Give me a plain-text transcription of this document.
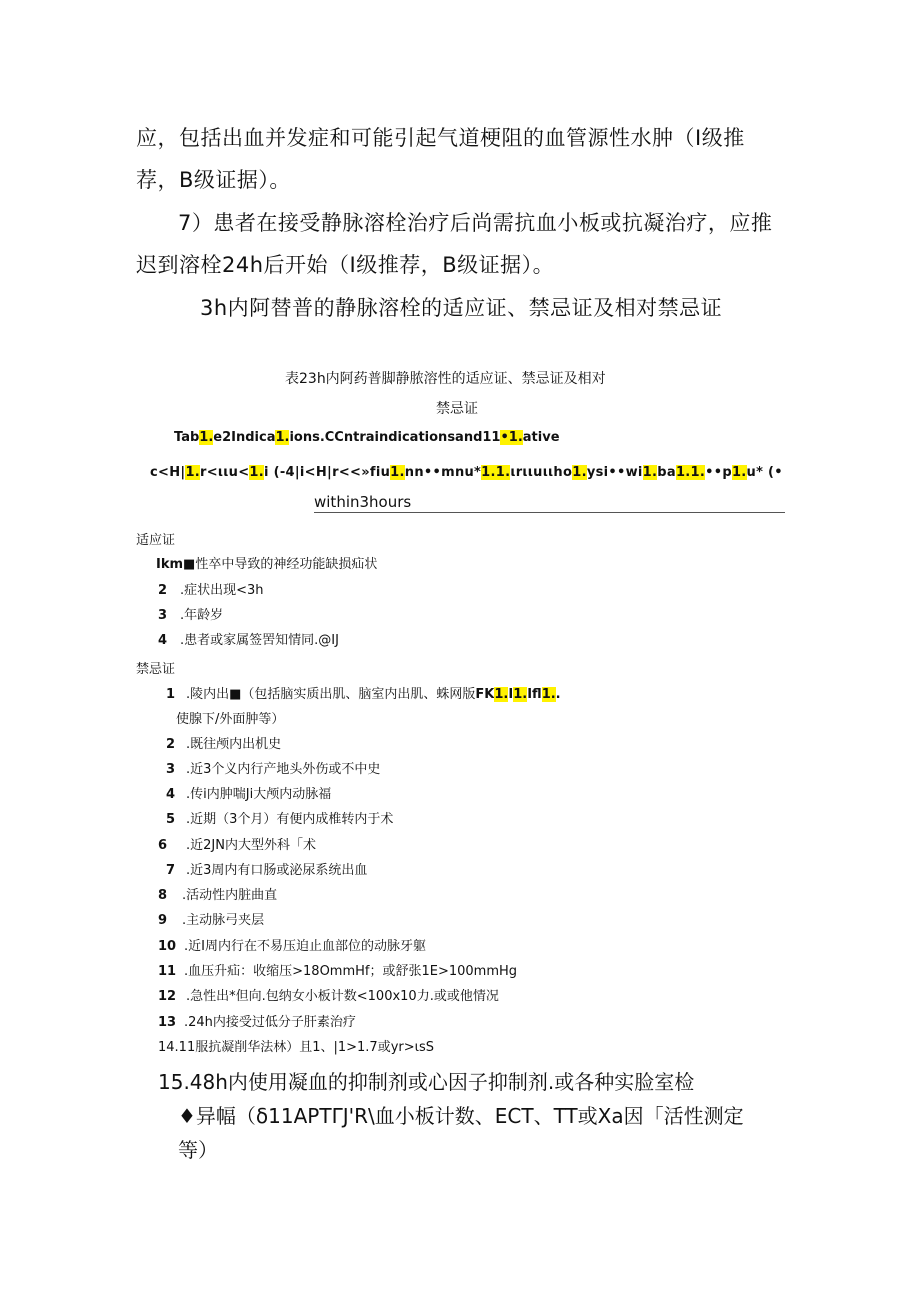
应，包括出血并发症和可能引起气道梗阻的血管源性水肿（I级推
荐，B级证据）。
7）患者在接受静脉溶栓治疗后尚需抗血小板或抗凝治疗，应推
迟到溶栓24h后开始（I级推荐，B级证据）。
3h内阿替普的静脉溶栓的适应证、禁忌证及相对禁忌证
表23h内阿药普脚静脓溶性的适应证、禁忌证及相对
禁忌证
Tab1.e2Indica1.ions.CCntraindicationsand11•1.ative
c<H|1.r<ιιu<1.i (-4|i<H|r<<»fiu1.nn••mnu*1.1.ιrιιuιιho1.ysi••wi1.ba1.1.••p1.u* (•
within3hours
适应证
Ikm■性卒中导致的神经功能缺损疝状
2 .症状出现<3h
3 .年龄岁
4 .患者或家属签罟知情同.@IJ
禁忌证
1 .陵内出■（包括脑实质出肌、脑室内出肌、蛛网版FK1.I1.Ifl1..
使腺下/外面肿等）
2 .既往颅内出机史
3 .近3个义内行产地头外伤或不中史
4 .传i内肿喘Ji大颅内动脉福
5 .近期（3个月）有便内成椎转内于术
6 .近2JN内大型外科「术
7 .近3周内有口肠或泌尿系统出血
8 .活动性内脏曲直
9 .主动脉弓夹层
10 .近I周内行在不易压迫止血部位的动脉牙躯
11 .血压升疝：收缩压>18OmmHf；或舒张1E>100mmHg
12 .急性出*但向.包纳女小板计数<100x10力.或或他情况
13 .24h内接受过低分子肝素治疗
14.11服抗凝削华法林）且1、|1>1.7或yr>ιsS
15.48h内使用凝血的抑制剂或心因子抑制剂.或各种实脸室检
♦异幅（δ11APTΓJ'R\血小板计数、ECT、TT或Xa因「活性测定
等）
